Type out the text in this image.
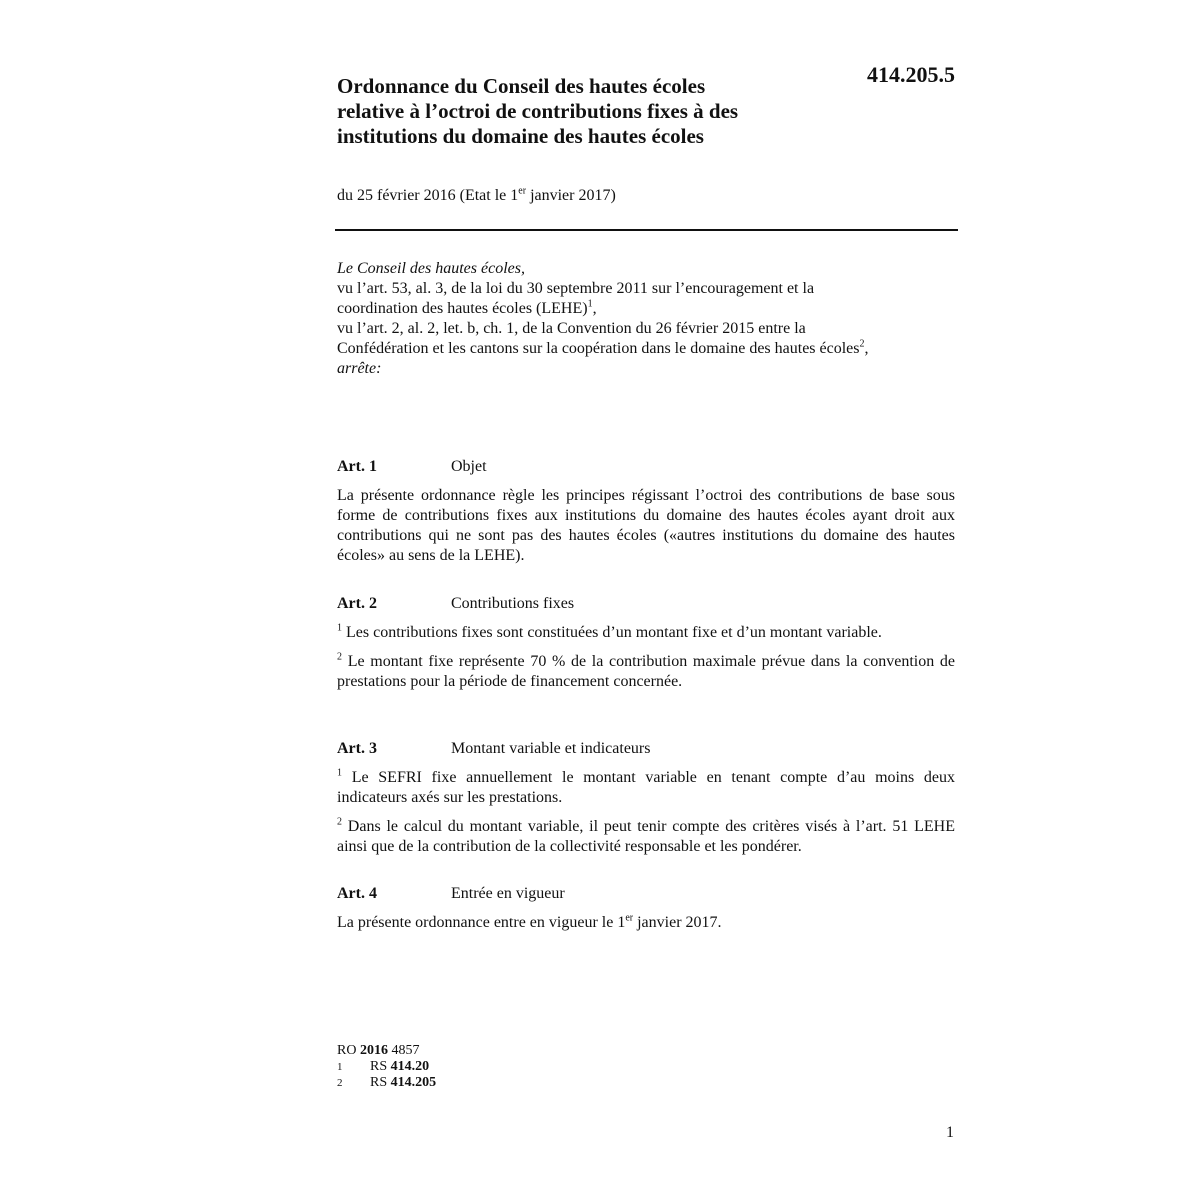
414.205.5
Ordonnance du Conseil des hautes écoles
relative à l’octroi de contributions fixes à des
institutions du domaine des hautes écoles
du 25 février 2016 (Etat le 1er janvier 2017)

Le Conseil des hautes écoles,

vu l’art. 53, al. 3, de la loi du 30 septembre 2011 sur l’encouragement et la

coordination des hautes écoles (LEHE)$^1$,

vu l’art. 2, al. 2, let. b, ch. 1, de la Convention du 26 février 2015 entre la

Confédération et les cantons sur la coopération dans le domaine des hautes écoles$^2$,

arrête:

Art. 1	Objet

La présente ordonnance règle les principes régissant l’octroi des contributions de base sous forme de contributions fixes aux institutions du domaine des hautes écoles ayant droit aux contributions qui ne sont pas des hautes écoles («autres institutions du domaine des hautes écoles» au sens de la LEHE).

Art. 2	Contributions fixes

$^1$ Les contributions fixes sont constituées d’un montant fixe et d’un montant variable.

$^2$ Le montant fixe représente 70 % de la contribution maximale prévue dans la convention de prestations pour la période de financement concernée.

Art. 3	Montant variable et indicateurs

$^1$ Le SEFRI fixe annuellement le montant variable en tenant compte d’au moins deux indicateurs axés sur les prestations.

$^2$ Dans le calcul du montant variable, il peut tenir compte des critères visés à l’art. 51 LEHE ainsi que de la contribution de la collectivité responsable et les pondérer.

Art. 4	Entrée en vigueur

La présente ordonnance entre en vigueur le 1er janvier 2017.

RO 2016 4857
1	RS 414.20
2	RS 414.205
1
